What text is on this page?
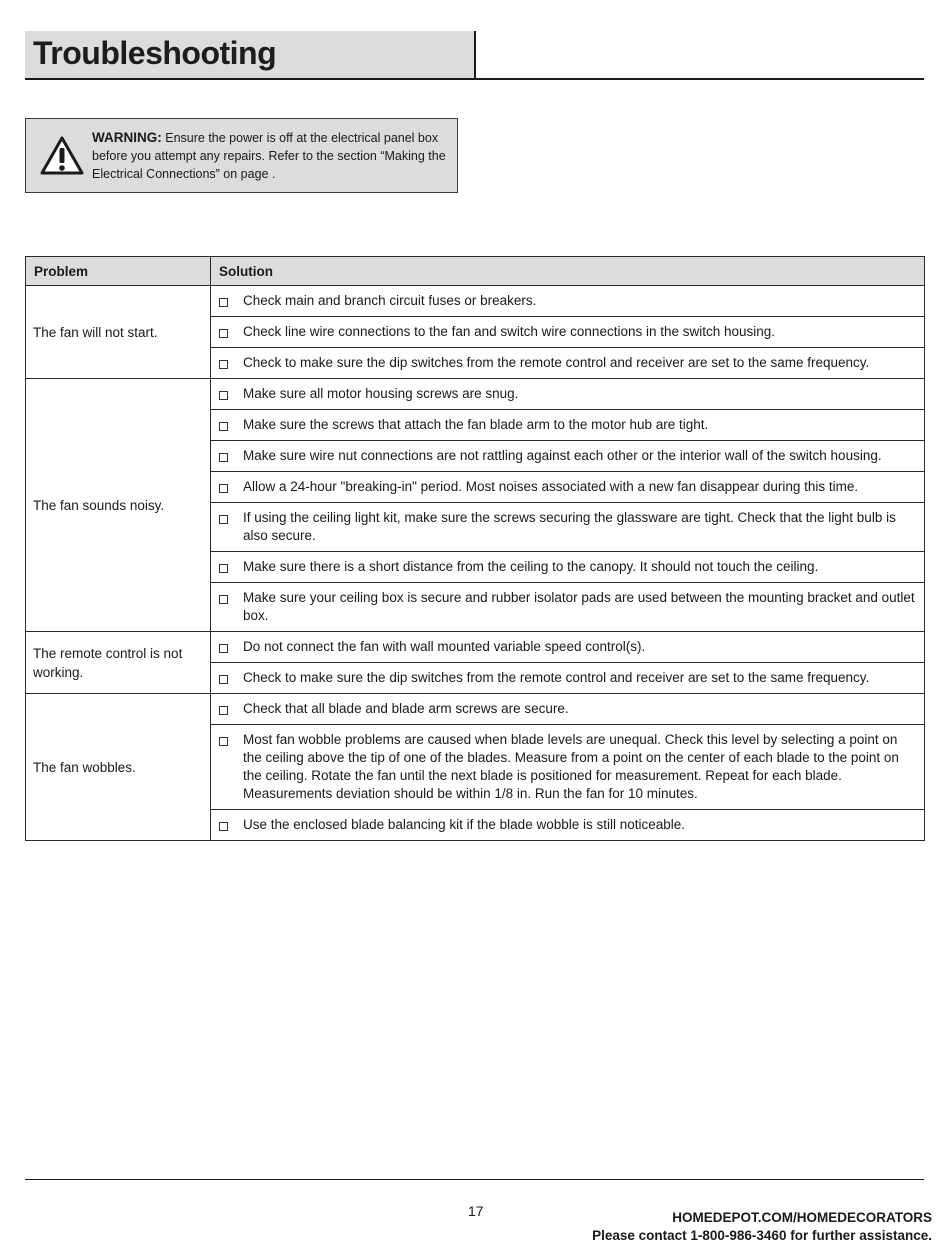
Troubleshooting
WARNING: Ensure the power is off at the electrical panel box before you attempt any repairs. Refer to the section “Making the Electrical Connections” on page .
Problem	Solution
The fan will not start.	Check main and branch circuit fuses or breakers.

	Check line wire connections to the fan and switch wire connections in the switch housing.

	Check to make sure the dip switches from the remote control and receiver are set to the same frequency.

The fan sounds noisy.	Make sure all motor housing screws are snug.

	Make sure the screws that attach the fan blade arm to the motor hub are tight.

	Make sure wire nut connections are not rattling against each other or the interior wall of the switch housing.

	Allow a 24-hour "breaking-in" period. Most noises associated with a new fan disappear during this time.

	If using the ceiling light kit, make sure the screws securing the glassware are tight. Check that the light bulb is also secure.

	Make sure there is a short distance from the ceiling to the canopy. It should not touch the ceiling.

	Make sure your ceiling box is secure and rubber isolator pads are used between the mounting bracket and outlet box.

The remote control is not working.	Do not connect the fan with wall mounted variable speed control(s).

	Check to make sure the dip switches from the remote control and receiver are set to the same frequency.

The fan wobbles.	Check that all blade and blade arm screws are secure.

	Most fan wobble problems are caused when blade levels are unequal. Check this level by selecting a point on the ceiling above the tip of one of the blades. Measure from a point on the center of each blade to the point on the ceiling. Rotate the fan until the next blade is positioned for measurement. Repeat for each blade. Measurements deviation should be within 1/8 in. Run the fan for 10 minutes.

	Use the enclosed blade balancing kit if the blade wobble is still noticeable.
17	HOMEDEPOT.COM/HOMEDECORATORS
Please contact 1-800-986-3460 for further assistance.
